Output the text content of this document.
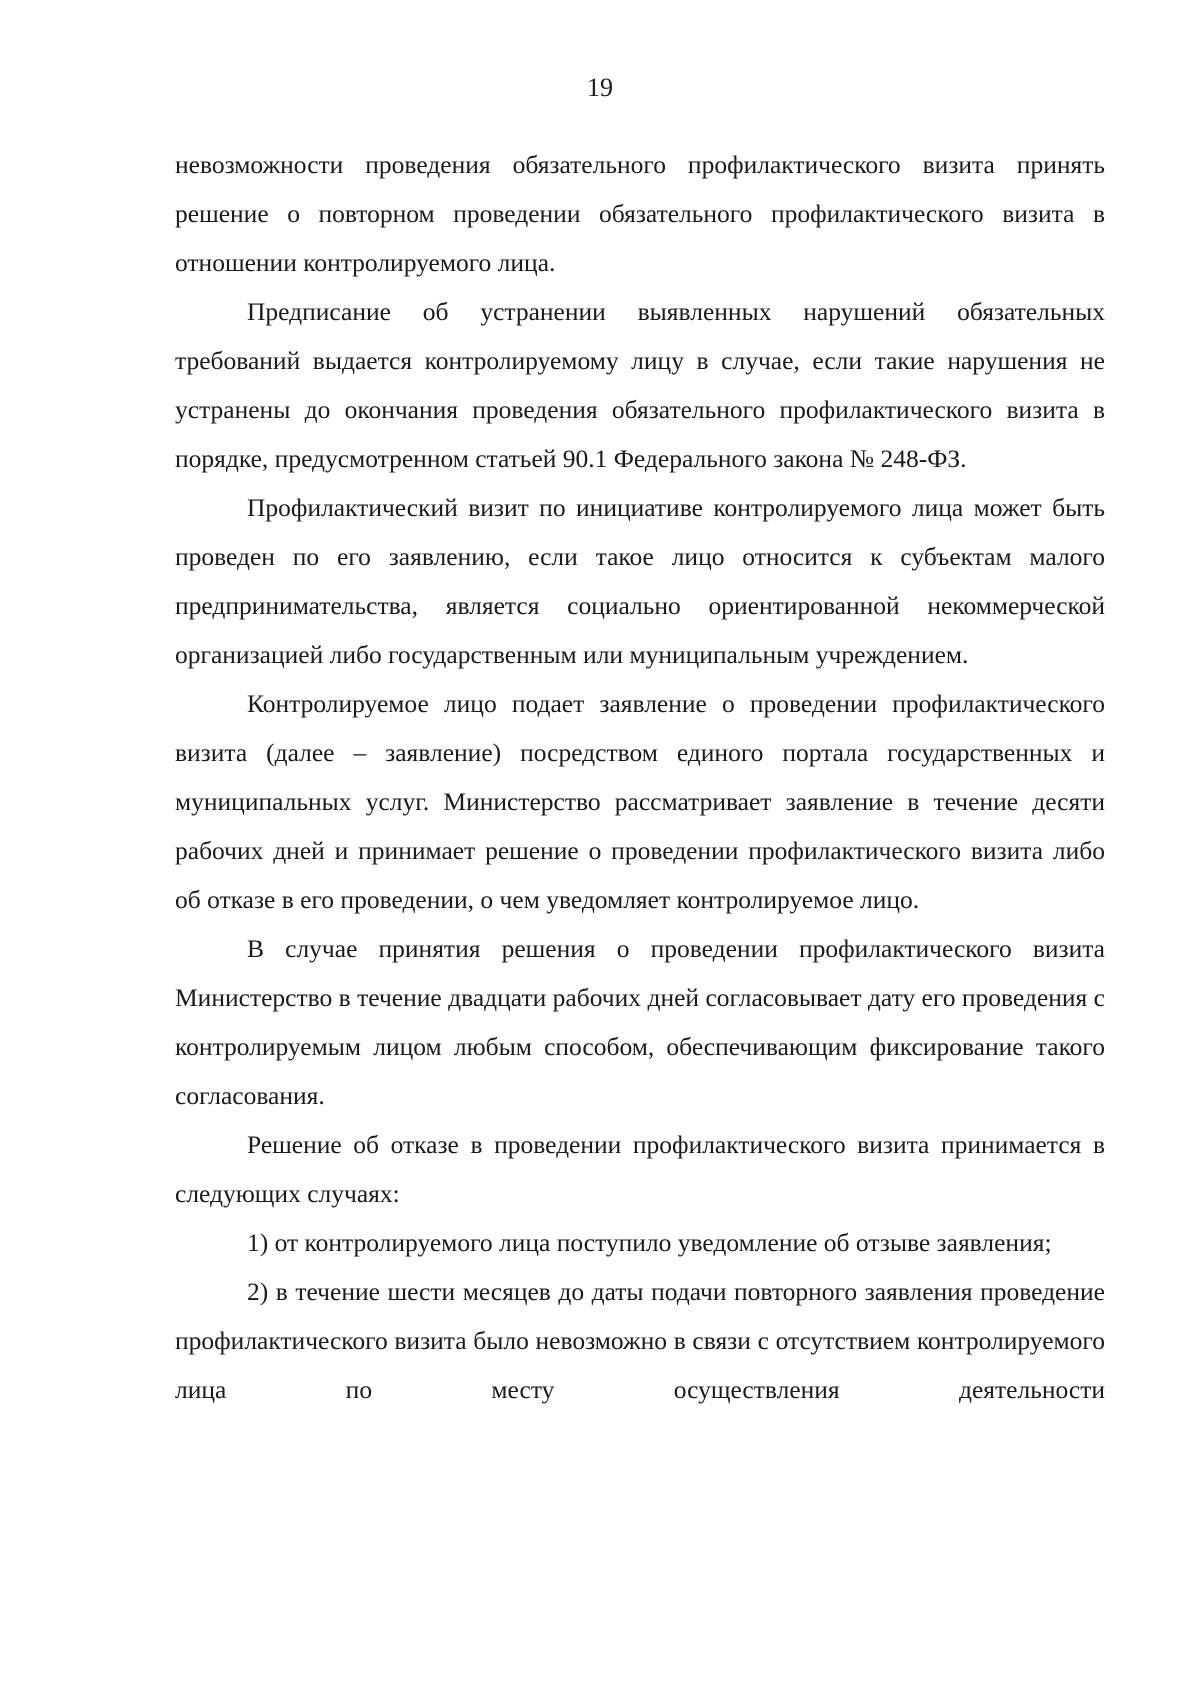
19

невозможности проведения обязательного профилактического визита принять решение о повторном проведении обязательного профилактического визита в отношении контролируемого лица.

Предписание об устранении выявленных нарушений обязательных требований выдается контролируемому лицу в случае, если такие нарушения не устранены до окончания проведения обязательного профилактического визита в порядке, предусмотренном статьей 90.1 Федерального закона № 248-ФЗ.

Профилактический визит по инициативе контролируемого лица может быть проведен по его заявлению, если такое лицо относится к субъектам малого предпринимательства, является социально ориентированной некоммерческой организацией либо государственным или муниципальным учреждением.

Контролируемое лицо подает заявление о проведении профилактического визита (далее – заявление) посредством единого портала государственных и муниципальных услуг. Министерство рассматривает заявление в течение десяти рабочих дней и принимает решение о проведении профилактического визита либо об отказе в его проведении, о чем уведомляет контролируемое лицо.

В случае принятия решения о проведении профилактического визита Министерство в течение двадцати рабочих дней согласовывает дату его проведения с контролируемым лицом любым способом, обеспечивающим фиксирование такого согласования.

Решение об отказе в проведении профилактического визита принимается в следующих случаях:

1) от контролируемого лица поступило уведомление об отзыве заявления;

2) в течение шести месяцев до даты подачи повторного заявления проведение профилактического визита было невозможно в связи с отсутствием контролируемого лица по месту осуществления деятельности
